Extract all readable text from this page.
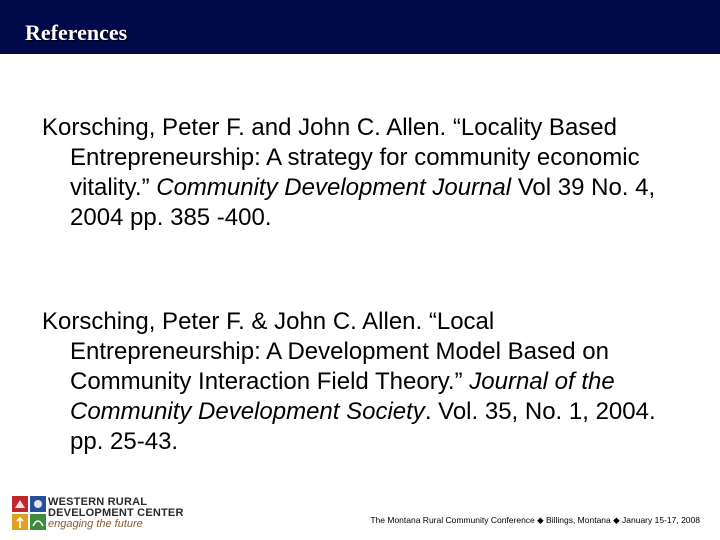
References

Korsching, Peter F. and John C. Allen. “Locality Based Entrepreneurship: A strategy for community economic vitality.” Community Development Journal Vol 39 No. 4, 2004 pp. 385 -400.

Korsching, Peter F. & John C. Allen. “Local Entrepreneurship: A Development Model Based on Community Interaction Field Theory.” Journal of the Community Development Society. Vol. 35, No. 1, 2004. pp. 25-43.

WESTERN RURAL
DEVELOPMENT CENTER
engaging the future	The Montana Rural Community Conference ◆ Billings, Montana ◆ January 15-17, 2008
